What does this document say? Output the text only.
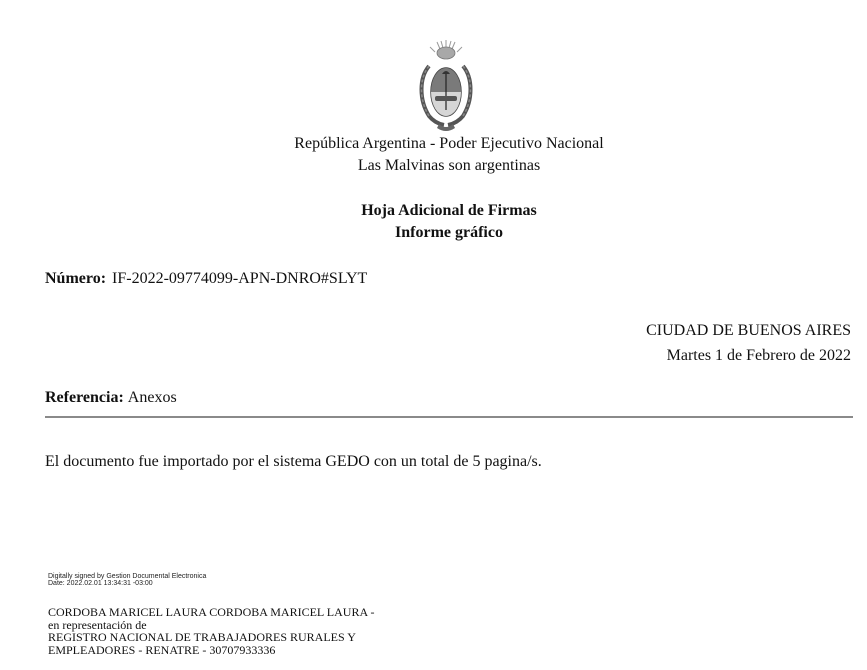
República Argentina - Poder Ejecutivo Nacional
Las Malvinas son argentinas
Hoja Adicional de Firmas
Informe gráfico
Número: IF-2022-09774099-APN-DNRO#SLYT
CIUDAD DE BUENOS AIRES
Martes 1 de Febrero de 2022
Referencia: Anexos
El documento fue importado por el sistema GEDO con un total de 5 pagina/s.
Digitally signed by Gestion Documental Electronica
Date: 2022.02.01 13:34:31 -03:00
CORDOBA MARICEL LAURA CORDOBA MARICEL LAURA -
en representación de
REGISTRO NACIONAL DE TRABAJADORES RURALES Y
EMPLEADORES - RENATRE - 30707933336
